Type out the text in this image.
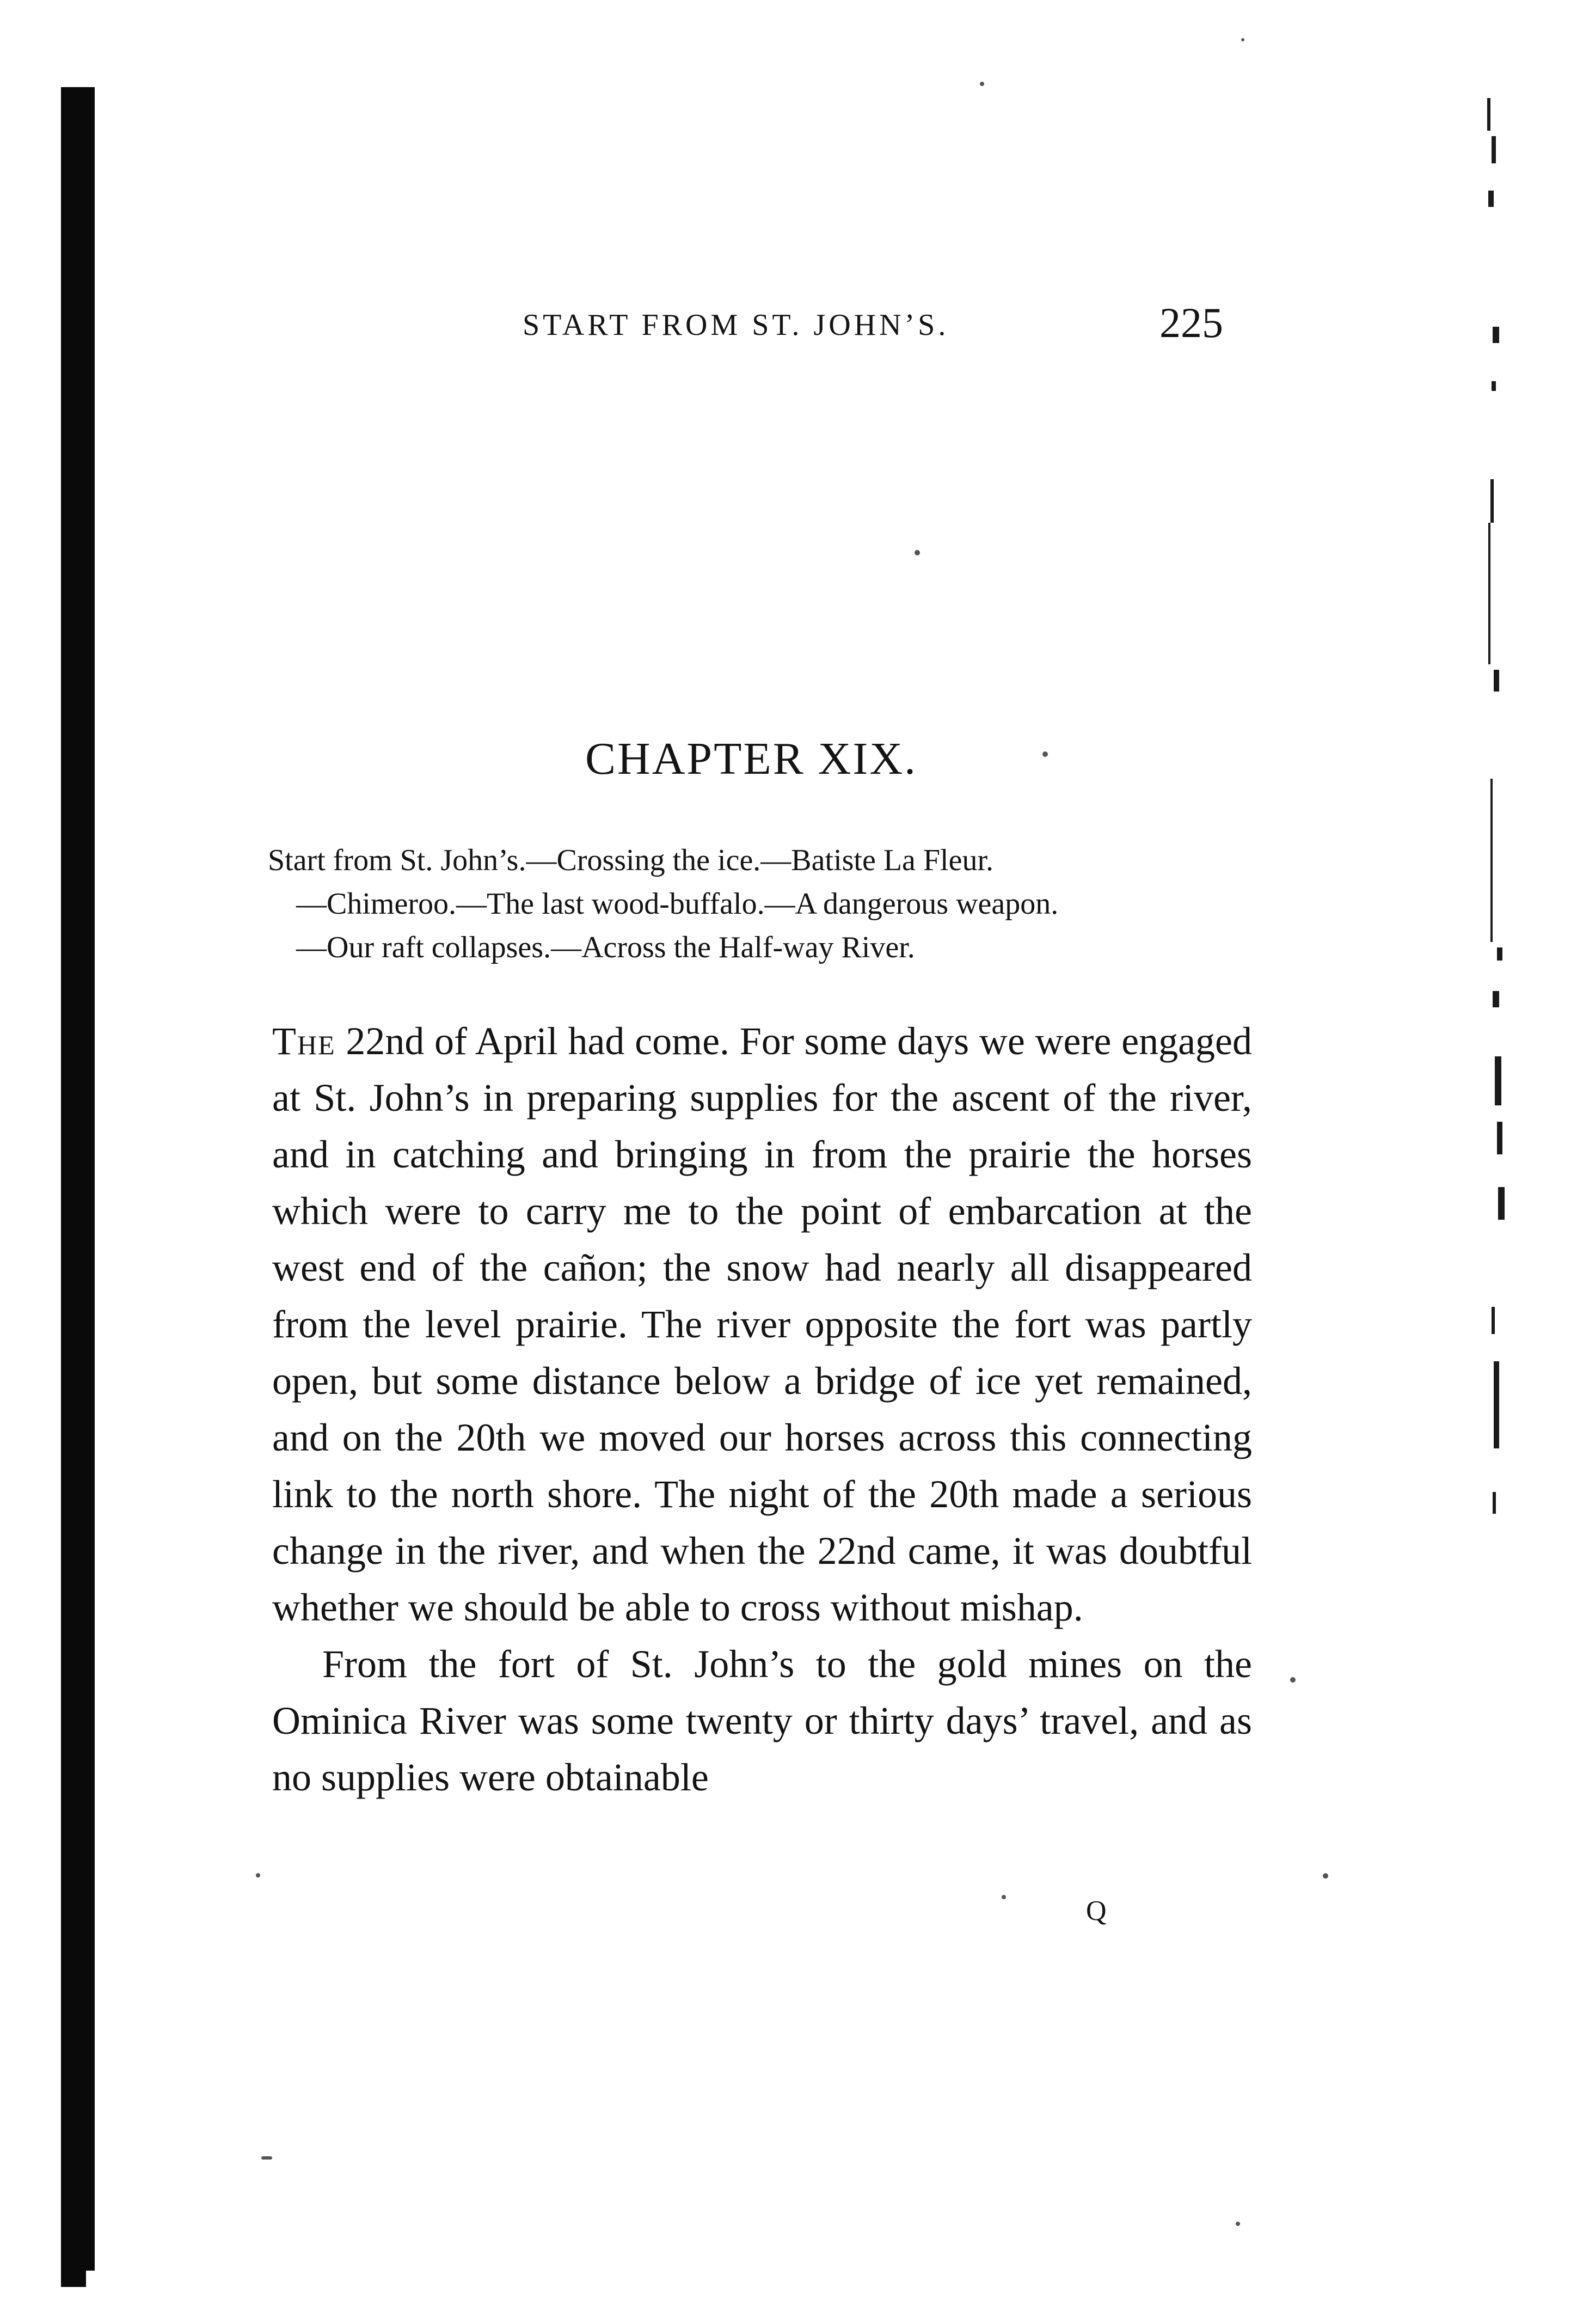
START FROM ST. JOHN’S.	225
CHAPTER XIX.
Start from St. John’s.—Crossing the ice.—Batiste La Fleur.
—Chimeroo.—The last wood-buffalo.—A dangerous weapon.
—Our raft collapses.—Across the Half-way River.

The 22nd of April had come. For some days we were engaged at St. John’s in preparing supplies for the ascent of the river, and in catching and bringing in from the prairie the horses which were to carry me to the point of embarcation at the west end of the cañon; the snow had nearly all disappeared from the level prairie. The river opposite the fort was partly open, but some distance below a bridge of ice yet remained, and on the 20th we moved our horses across this connecting link to the north shore. The night of the 20th made a serious change in the river, and when the 22nd came, it was doubtful whether we should be able to cross without mishap.

From the fort of St. John’s to the gold mines on the Ominica River was some twenty or thirty days’ travel, and as no supplies were obtainable

Q
